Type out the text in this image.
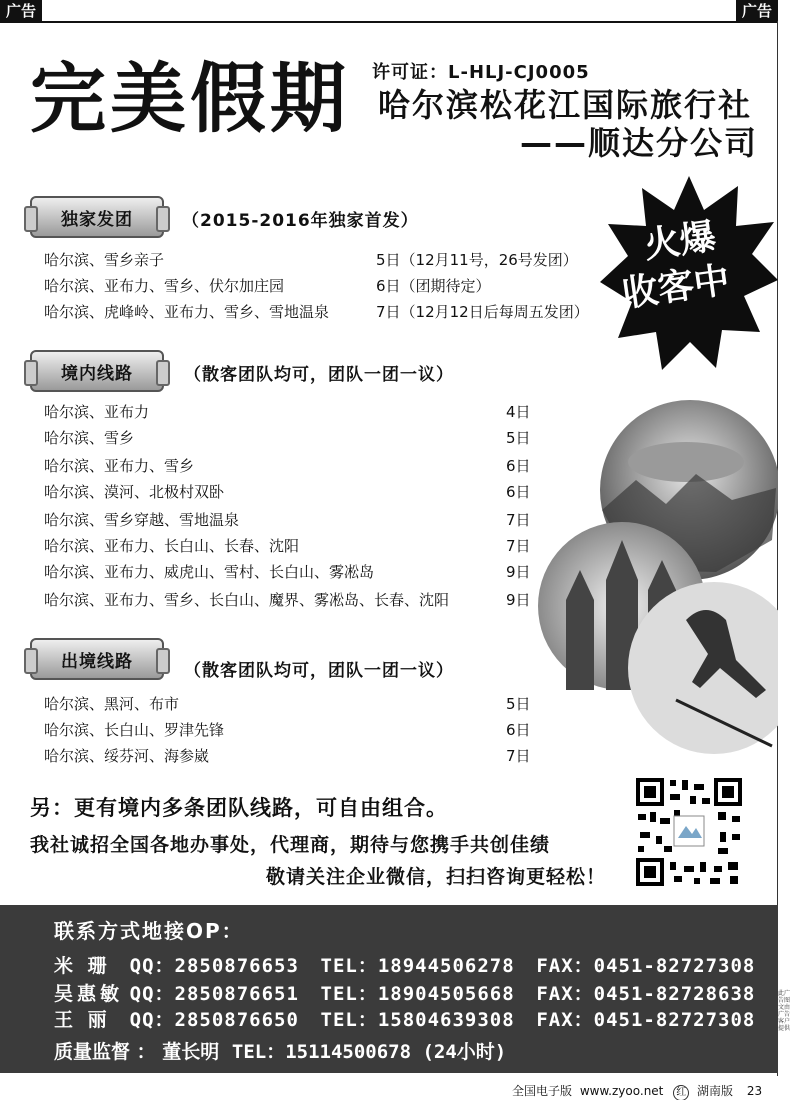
广告	广告
完美假期 许可证：L-HLJ-CJ0005
哈尔滨松花江国际旅行社
——顺达分公司
火爆
收客中
独家发团	（2015-2016年独家首发）
哈尔滨、雪乡亲子	5日（12月11号，26号发团）
哈尔滨、亚布力、雪乡、伏尔加庄园	6日（团期待定）
哈尔滨、虎峰岭、亚布力、雪乡、雪地温泉	7日（12月12日后每周五发团）
境内线路	（散客团队均可，团队一团一议）
哈尔滨、亚布力	4日
哈尔滨、雪乡	5日
哈尔滨、亚布力、雪乡	6日
哈尔滨、漠河、北极村双卧	6日
哈尔滨、雪乡穿越、雪地温泉	7日
哈尔滨、亚布力、长白山、长春、沈阳	7日
哈尔滨、亚布力、威虎山、雪村、长白山、雾凇岛	9日
哈尔滨、亚布力、雪乡、长白山、魔界、雾凇岛、长春、沈阳	9日
出境线路	（散客团队均可，团队一团一议）
哈尔滨、黑河、布市	5日
哈尔滨、长白山、罗津先锋	6日
哈尔滨、绥芬河、海参崴	7日
另：更有境内多条团队线路，可自由组合。
我社诚招全国各地办事处，代理商，期待与您携手共创佳绩
敬请关注企业微信，扫扫咨询更轻松！
联系方式地接OP：
米 珊 QQ：2850876653 TEL：18944506278 FAX：0451-82727308
吴惠敏 QQ：2850876651 TEL：18904505668 FAX：0451-82728638
王 丽 QQ：2850876650 TEL：15804639308 FAX：0451-82727308
质量监督 ： 董长明 TEL：15114500678 (24小时)
全国电子版 www.zyoo.net 红 湖南版 23
此广告图文由广告客户提供
